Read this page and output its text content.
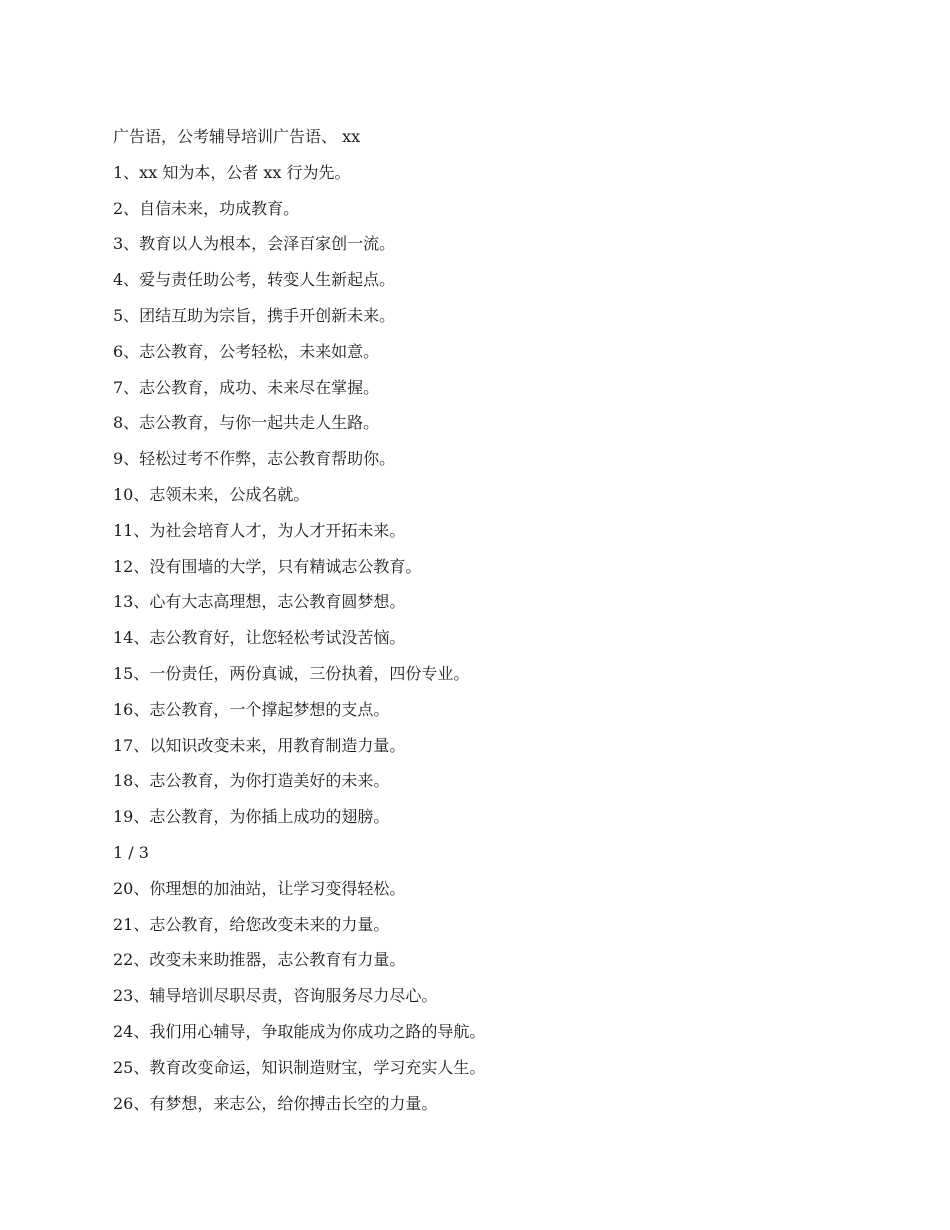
广告语，公考辅导培训广告语、 xx
1、xx 知为本，公者 xx 行为先。
2、自信未来，功成教育。
3、教育以人为根本，会泽百家创一流。
4、爱与责任助公考，转变人生新起点。
5、团结互助为宗旨，携手开创新未来。
6、志公教育，公考轻松，未来如意。
7、志公教育，成功、未来尽在掌握。
8、志公教育，与你一起共走人生路。
9、轻松过考不作弊，志公教育帮助你。
10、志领未来，公成名就。
11、为社会培育人才，为人才开拓未来。
12、没有围墙的大学，只有精诚志公教育。
13、心有大志高理想，志公教育圆梦想。
14、志公教育好，让您轻松考试没苦恼。
15、一份责任，两份真诚，三份执着，四份专业。
16、志公教育，一个撑起梦想的支点。
17、以知识改变未来，用教育制造力量。
18、志公教育，为你打造美好的未来。
19、志公教育，为你插上成功的翅膀。
1 / 3
20、你理想的加油站，让学习变得轻松。
21、志公教育，给您改变未来的力量。
22、改变未来助推器，志公教育有力量。
23、辅导培训尽职尽责，咨询服务尽力尽心。
24、我们用心辅导，争取能成为你成功之路的导航。
25、教育改变命运，知识制造财宝，学习充实人生。
26、有梦想，来志公，给你搏击长空的力量。
